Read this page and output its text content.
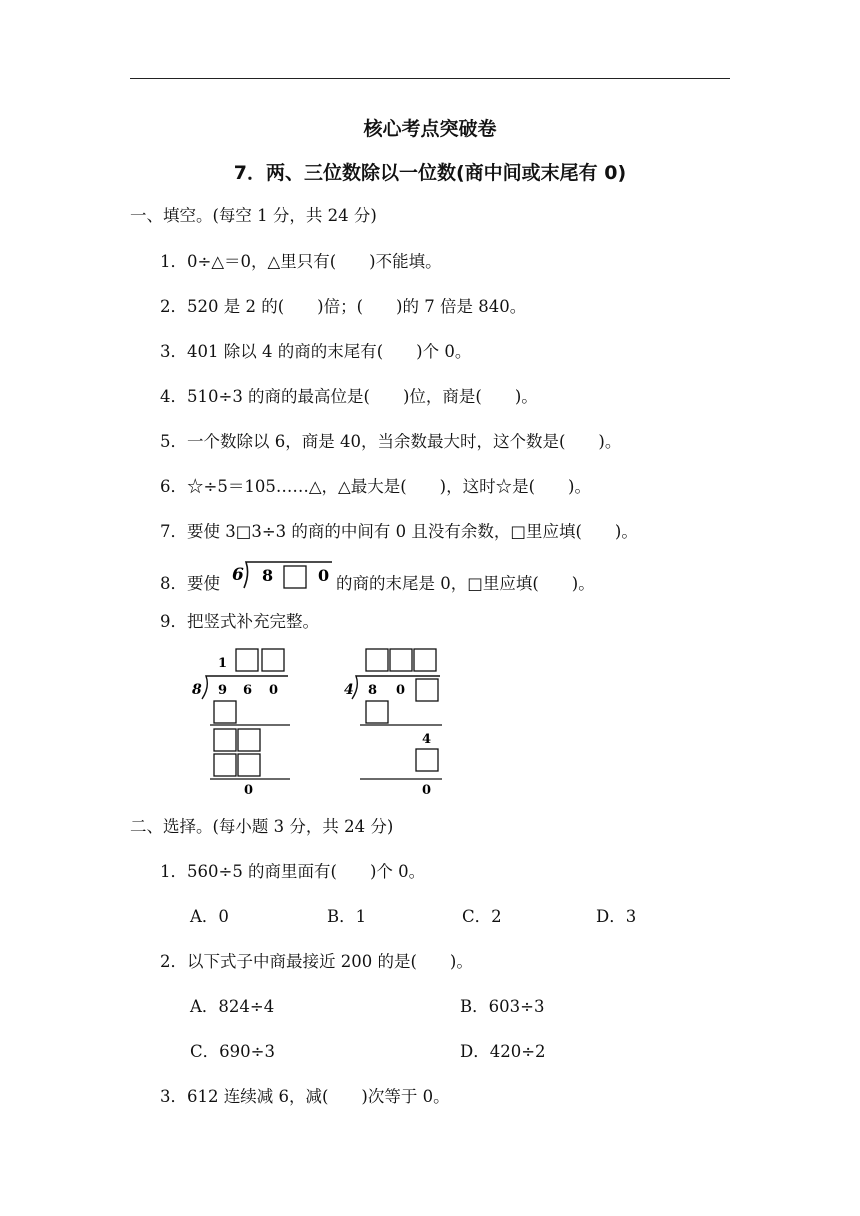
核心考点突破卷
7．两、三位数除以一位数(商中间或末尾有 0)
一、填空。(每空 1 分，共 24 分)
1．0÷△＝0，△里只有(　　)不能填。
2．520 是 2 的(　　)倍；(　　)的 7 倍是 840。
3．401 除以 4 的商的末尾有(　　)个 0。
4．510÷3 的商的最高位是(　　)位，商是(　　)。
5．一个数除以 6，商是 40，当余数最大时，这个数是(　　)。
6．☆÷5＝105……△，△最大是(　　)，这时☆是(　　)。
7．要使 3□3÷3 的商的中间有 0 且没有余数，□里应填(　　)。
8．要使 6 8	0 的商的末尾是 0，□里应填(　　)。
9．把竖式补充完整。
1
8 9 6 0
0
4 8 0
4
0
二、选择。(每小题 3 分，共 24 分)
1．560÷5 的商里面有(　　)个 0。
A．0	B．1	C．2	D．3
2．以下式子中商最接近 200 的是(　　)。
A．824÷4	B．603÷3
C．690÷3	D．420÷2
3．612 连续减 6，减(　　)次等于 0。
